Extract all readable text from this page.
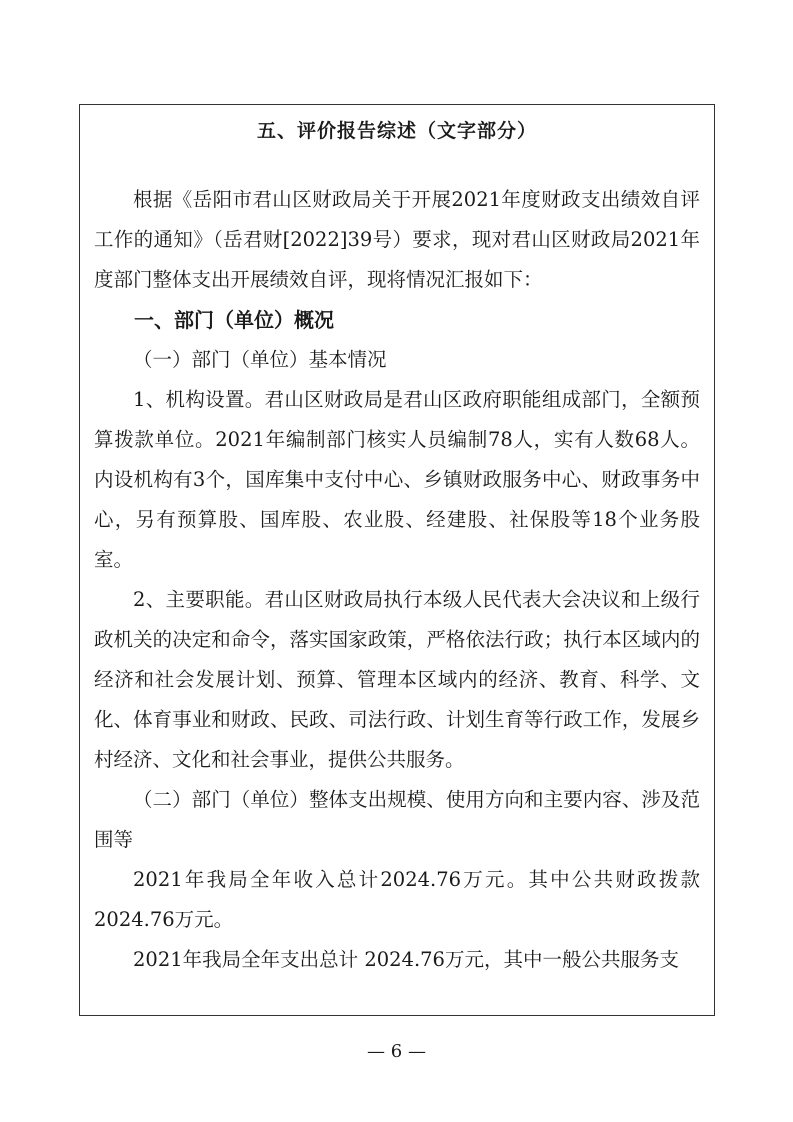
五、评价报告综述（文字部分）

根据《岳阳市君山区财政局关于开展2021年度财政支出绩效自评工作的通知》（岳君财[2022]39号）要求，现对君山区财政局2021年度部门整体支出开展绩效自评，现将情况汇报如下：

一、部门（单位）概况

（一）部门（单位）基本情况

1、机构设置。君山区财政局是君山区政府职能组成部门，全额预算拨款单位。2021年编制部门核实人员编制78人，实有人数68人。内设机构有3个，国库集中支付中心、乡镇财政服务中心、财政事务中心，另有预算股、国库股、农业股、经建股、社保股等18个业务股室。

2、主要职能。君山区财政局执行本级人民代表大会决议和上级行政机关的决定和命令，落实国家政策，严格依法行政；执行本区域内的经济和社会发展计划、预算、管理本区域内的经济、教育、科学、文化、体育事业和财政、民政、司法行政、计划生育等行政工作，发展乡村经济、文化和社会事业，提供公共服务。

（二）部门（单位）整体支出规模、使用方向和主要内容、涉及范围等

2021年我局全年收入总计2024.76万元。其中公共财政拨款2024.76万元。

2021年我局全年支出总计 2024.76万元，其中一般公共服务支

— 6 —
